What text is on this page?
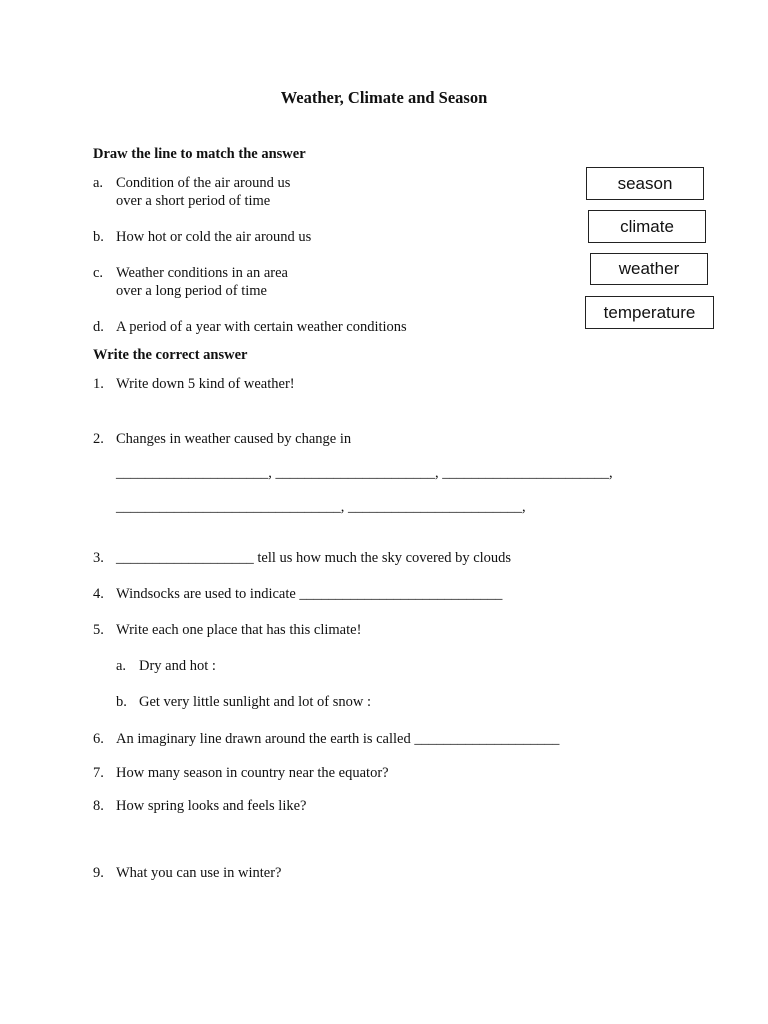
Weather, Climate and Season
Draw the line to match the answer
a. Condition of the air around us
over a short period of time
b. How hot or cold the air around us
c. Weather conditions in an area
over a long period of time
d. A period of a year with certain weather conditions
season
climate
weather
temperature
Write the correct answer
1. Write down 5 kind of weather!
2. Changes in weather caused by change in
_____________________, ______________________, _______________________,
_______________________________, ________________________,
3. ___________________ tell us how much the sky covered by clouds
4. Windsocks are used to indicate ____________________________
5. Write each one place that has this climate!
a. Dry and hot :
b. Get very little sunlight and lot of snow :
6. An imaginary line drawn around the earth is called ____________________
7. How many season in country near the equator?
8. How spring looks and feels like?
9. What you can use in winter?
